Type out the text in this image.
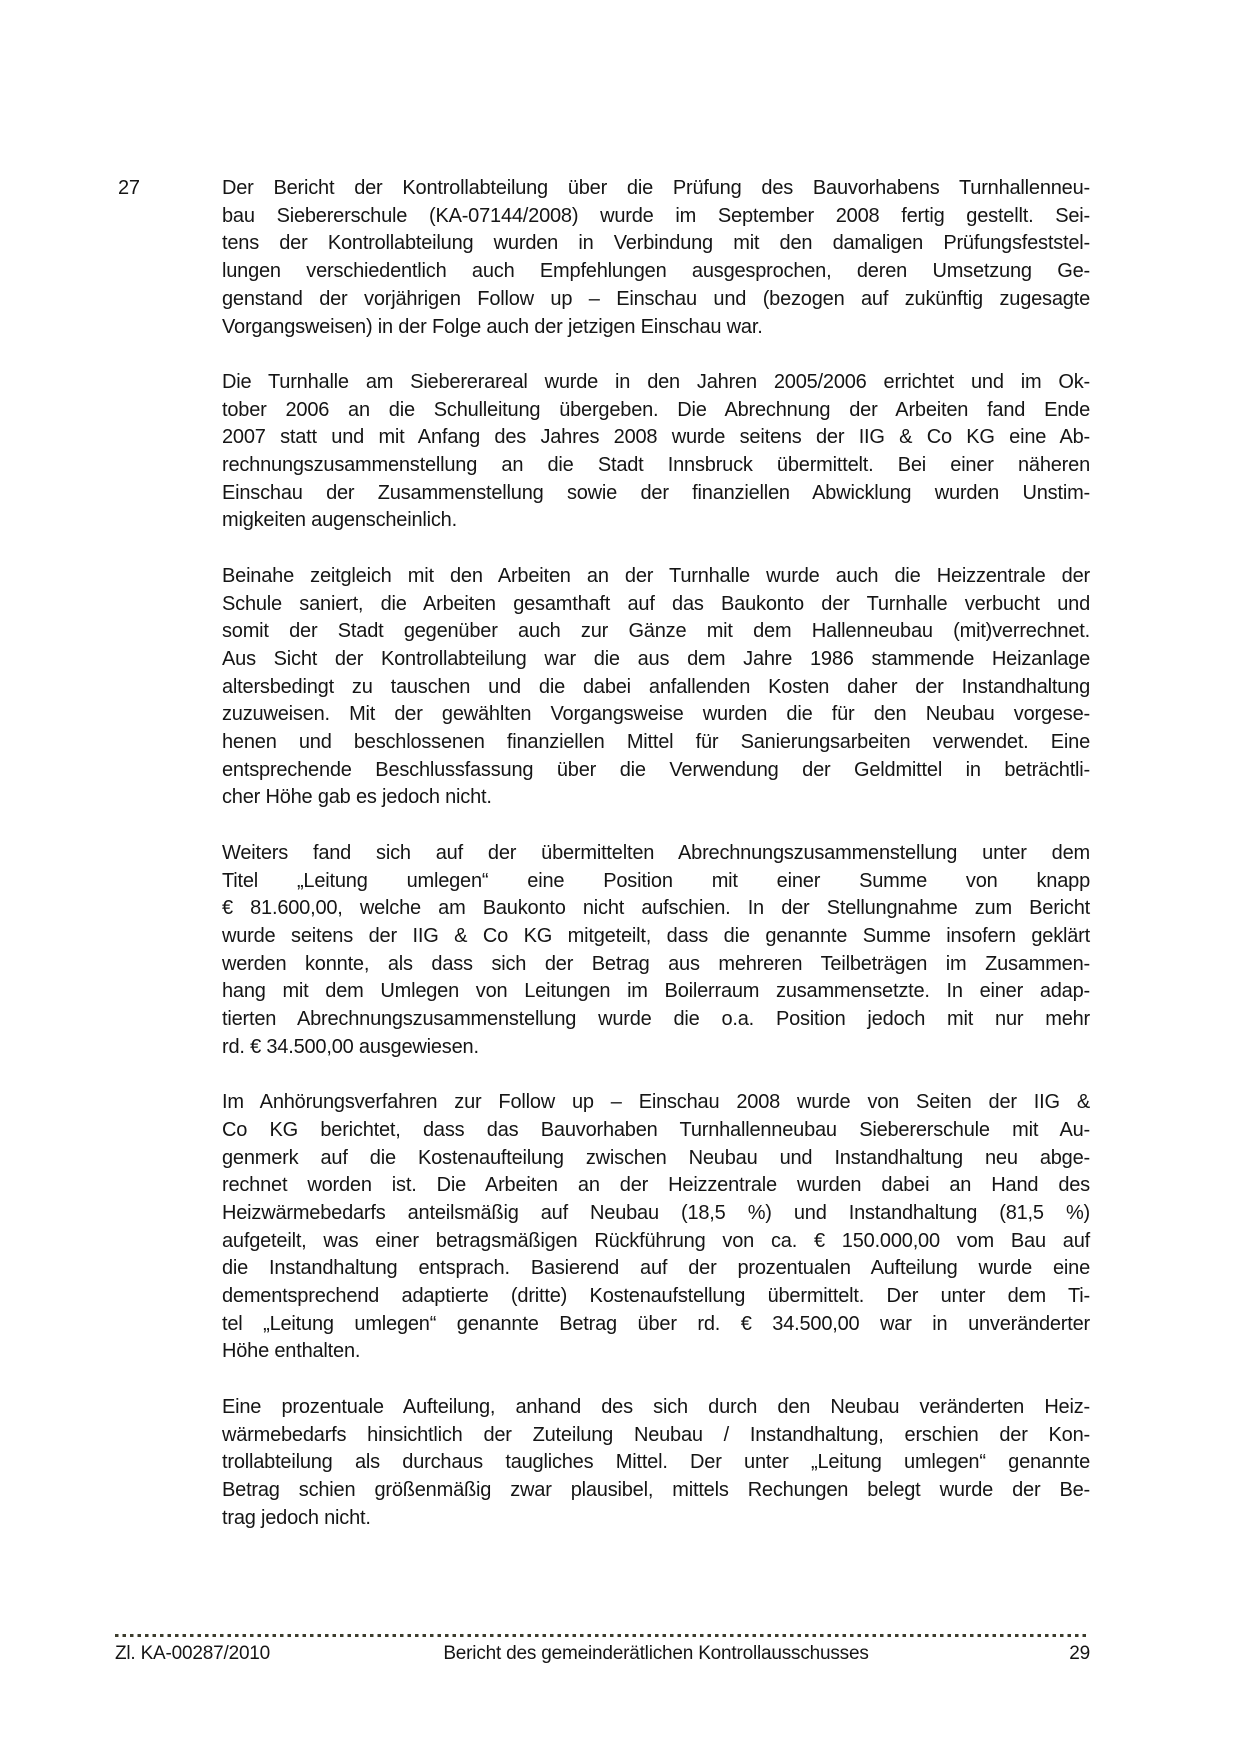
27	Der Bericht der Kontrollabteilung über die Prüfung des Bauvorhabens Turnhallenneu-
bau Siebererschule (KA-07144/2008) wurde im September 2008 fertig gestellt. Sei-
tens der Kontrollabteilung wurden in Verbindung mit den damaligen Prüfungsfeststel-
lungen verschiedentlich auch Empfehlungen ausgesprochen, deren Umsetzung Ge-
genstand der vorjährigen Follow up – Einschau und (bezogen auf zukünftig zugesagte
Vorgangsweisen) in der Folge auch der jetzigen Einschau war.
Die Turnhalle am Siebererareal wurde in den Jahren 2005/2006 errichtet und im Ok-
tober 2006 an die Schulleitung übergeben. Die Abrechnung der Arbeiten fand Ende
2007 statt und mit Anfang des Jahres 2008 wurde seitens der IIG & Co KG eine Ab-
rechnungszusammenstellung an die Stadt Innsbruck übermittelt. Bei einer näheren
Einschau der Zusammenstellung sowie der finanziellen Abwicklung wurden Unstim-
migkeiten augenscheinlich.
Beinahe zeitgleich mit den Arbeiten an der Turnhalle wurde auch die Heizzentrale der
Schule saniert, die Arbeiten gesamthaft auf das Baukonto der Turnhalle verbucht und
somit der Stadt gegenüber auch zur Gänze mit dem Hallenneubau (mit)verrechnet.
Aus Sicht der Kontrollabteilung war die aus dem Jahre 1986 stammende Heizanlage
altersbedingt zu tauschen und die dabei anfallenden Kosten daher der Instandhaltung
zuzuweisen. Mit der gewählten Vorgangsweise wurden die für den Neubau vorgese-
henen und beschlossenen finanziellen Mittel für Sanierungsarbeiten verwendet. Eine
entsprechende Beschlussfassung über die Verwendung der Geldmittel in beträchtli-
cher Höhe gab es jedoch nicht.
Weiters fand sich auf der übermittelten Abrechnungszusammenstellung unter dem
Titel „Leitung umlegen“ eine Position mit einer Summe von knapp
€ 81.600,00, welche am Baukonto nicht aufschien. In der Stellungnahme zum Bericht
wurde seitens der IIG & Co KG mitgeteilt, dass die genannte Summe insofern geklärt
werden konnte, als dass sich der Betrag aus mehreren Teilbeträgen im Zusammen-
hang mit dem Umlegen von Leitungen im Boilerraum zusammensetzte. In einer adap-
tierten Abrechnungszusammenstellung wurde die o.a. Position jedoch mit nur mehr
rd. € 34.500,00 ausgewiesen.
Im Anhörungsverfahren zur Follow up – Einschau 2008 wurde von Seiten der IIG &
Co KG berichtet, dass das Bauvorhaben Turnhallenneubau Siebererschule mit Au-
genmerk auf die Kostenaufteilung zwischen Neubau und Instandhaltung neu abge-
rechnet worden ist. Die Arbeiten an der Heizzentrale wurden dabei an Hand des
Heizwärmebedarfs anteilsmäßig auf Neubau (18,5 %) und Instandhaltung (81,5 %)
aufgeteilt, was einer betragsmäßigen Rückführung von ca. € 150.000,00 vom Bau auf
die Instandhaltung entsprach. Basierend auf der prozentualen Aufteilung wurde eine
dementsprechend adaptierte (dritte) Kostenaufstellung übermittelt. Der unter dem Ti-
tel „Leitung umlegen“ genannte Betrag über rd. € 34.500,00 war in unveränderter
Höhe enthalten.
Eine prozentuale Aufteilung, anhand des sich durch den Neubau veränderten Heiz-
wärmebedarfs hinsichtlich der Zuteilung Neubau / Instandhaltung, erschien der Kon-
trollabteilung als durchaus taugliches Mittel. Der unter „Leitung umlegen“ genannte
Betrag schien größenmäßig zwar plausibel, mittels Rechungen belegt wurde der Be-
trag jedoch nicht.
Zl. KA-00287/2010	Bericht des gemeinderätlichen Kontrollausschusses	29
